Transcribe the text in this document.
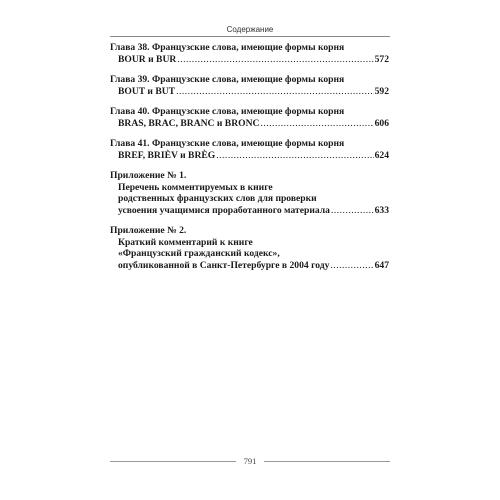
Содержание
Глава 38. Французские слова, имеющие формы корня
BOUR и BUR .....	572
Глава 39. Французские слова, имеющие формы корня
BOUT и BUT .....	592
Глава 40. Французские слова, имеющие формы корня
BRAS, BRAC, BRANC и BRONC .....	606
Глава 41. Французские слова, имеющие формы корня
BREF, BRIÈV и BRÈG .....	624
Приложение № 1.
Перечень комментируемых в книге
родственных французских слов для проверки
усвоения учащимися проработанного материала .....	633
Приложение № 2.
Краткий комментарий к книге
«Французский гражданский кодекс»,
опубликованной в Санкт-Петербурге в 2004 году .....	647
791
